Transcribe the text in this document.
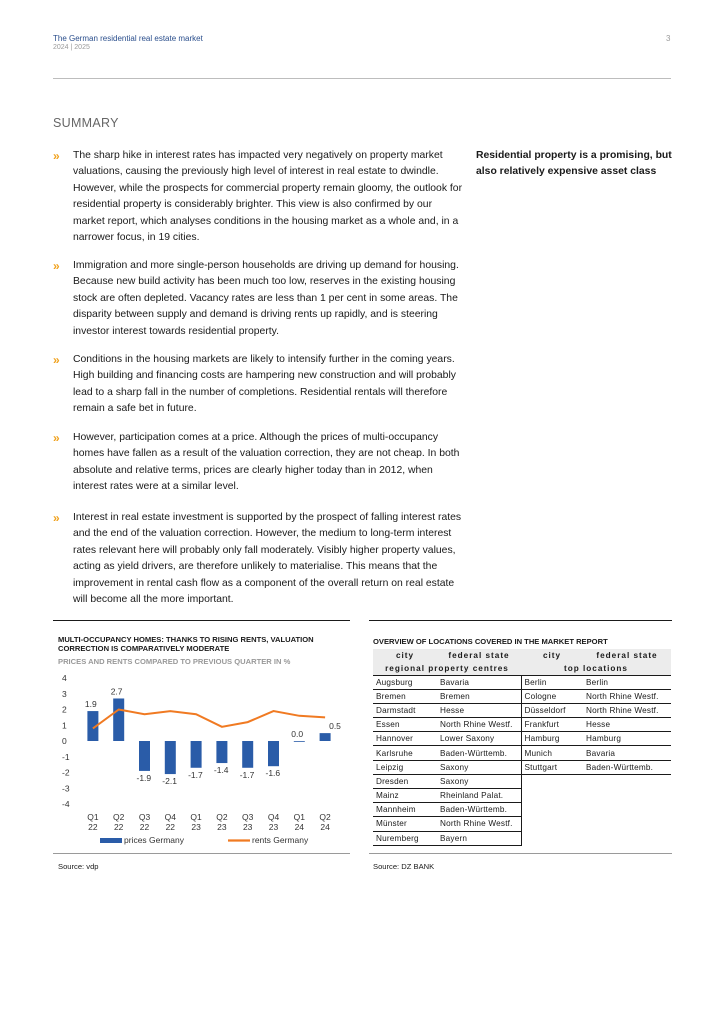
The German residential real estate market
2024 | 2025
3
SUMMARY
»	The sharp hike in interest rates has impacted very negatively on property market valuations, causing the previously high level of interest in real estate to dwindle. However, while the prospects for commercial property remain gloomy, the outlook for residential property is considerably brighter. This view is also confirmed by our market report, which analyses conditions in the housing market as a whole and, in a narrower focus, in 19 cities.
»	Immigration and more single-person households are driving up demand for housing. Because new build activity has been much too low, reserves in the existing housing stock are often depleted. Vacancy rates are less than 1 per cent in some areas. The disparity between supply and demand is driving rents up rapidly, and is steering investor interest towards residential property.
»	Conditions in the housing markets are likely to intensify further in the coming years. High building and financing costs are hampering new construction and will probably lead to a sharp fall in the number of completions. Residential rentals will therefore remain a safe bet in future.
»	However, participation comes at a price. Although the prices of multi-occupancy homes have fallen as a result of the valuation correction, they are not cheap. In both absolute and relative terms, prices are clearly higher today than in 2012, when interest rates were at a similar level.
»	Interest in real estate investment is supported by the prospect of falling interest rates and the end of the valuation correction. However, the medium to long-term interest rates relevant here will probably only fall moderately. Visibly higher property values, acting as yield drivers, are therefore unlikely to materialise. This means that the improvement in rental cash flow as a component of the overall return on real estate will become all the more important.
Residential property is a promising, but also relatively expensive asset class
MULTI-OCCUPANCY HOMES: THANKS TO RISING RENTS, VALUATION CORRECTION IS COMPARATIVELY MODERATE
PRICES AND RENTS COMPARED TO PREVIOUS QUARTER IN %
4
3
2
1
0
-1
-2
-3
-4
1.9
2.7
-1.9 -2.1
-1.7 -1.4 -1.7 -1.6
0.0
0.5
Q1
22
Q2
22
Q3
22
Q4
22
Q1
23
Q2
23
Q3
23
Q4
23
Q1
24
Q2
24
prices Germany	rents Germany
OVERVIEW OF LOCATIONS COVERED IN THE MARKET REPORT
city	federal state	city	federal state
regional property centres		top locations	
Augsburg	Bavaria	Berlin	Berlin
Bremen	Bremen	Cologne	North Rhine Westf.
Darmstadt	Hesse	Düsseldorf	North Rhine Westf.
Essen	North Rhine Westf.	Frankfurt	Hesse
Hannover	Lower Saxony	Hamburg	Hamburg
Karlsruhe	Baden-Württemb.	Munich	Bavaria
Leipzig	Saxony	Stuttgart	Baden-Württemb.
Dresden	Saxony		
Mainz	Rheinland Palat.		
Mannheim	Baden-Württemb.		
Münster	North Rhine Westf.		
Nuremberg	Bayern		
Source: vdp	Source: DZ BANK
